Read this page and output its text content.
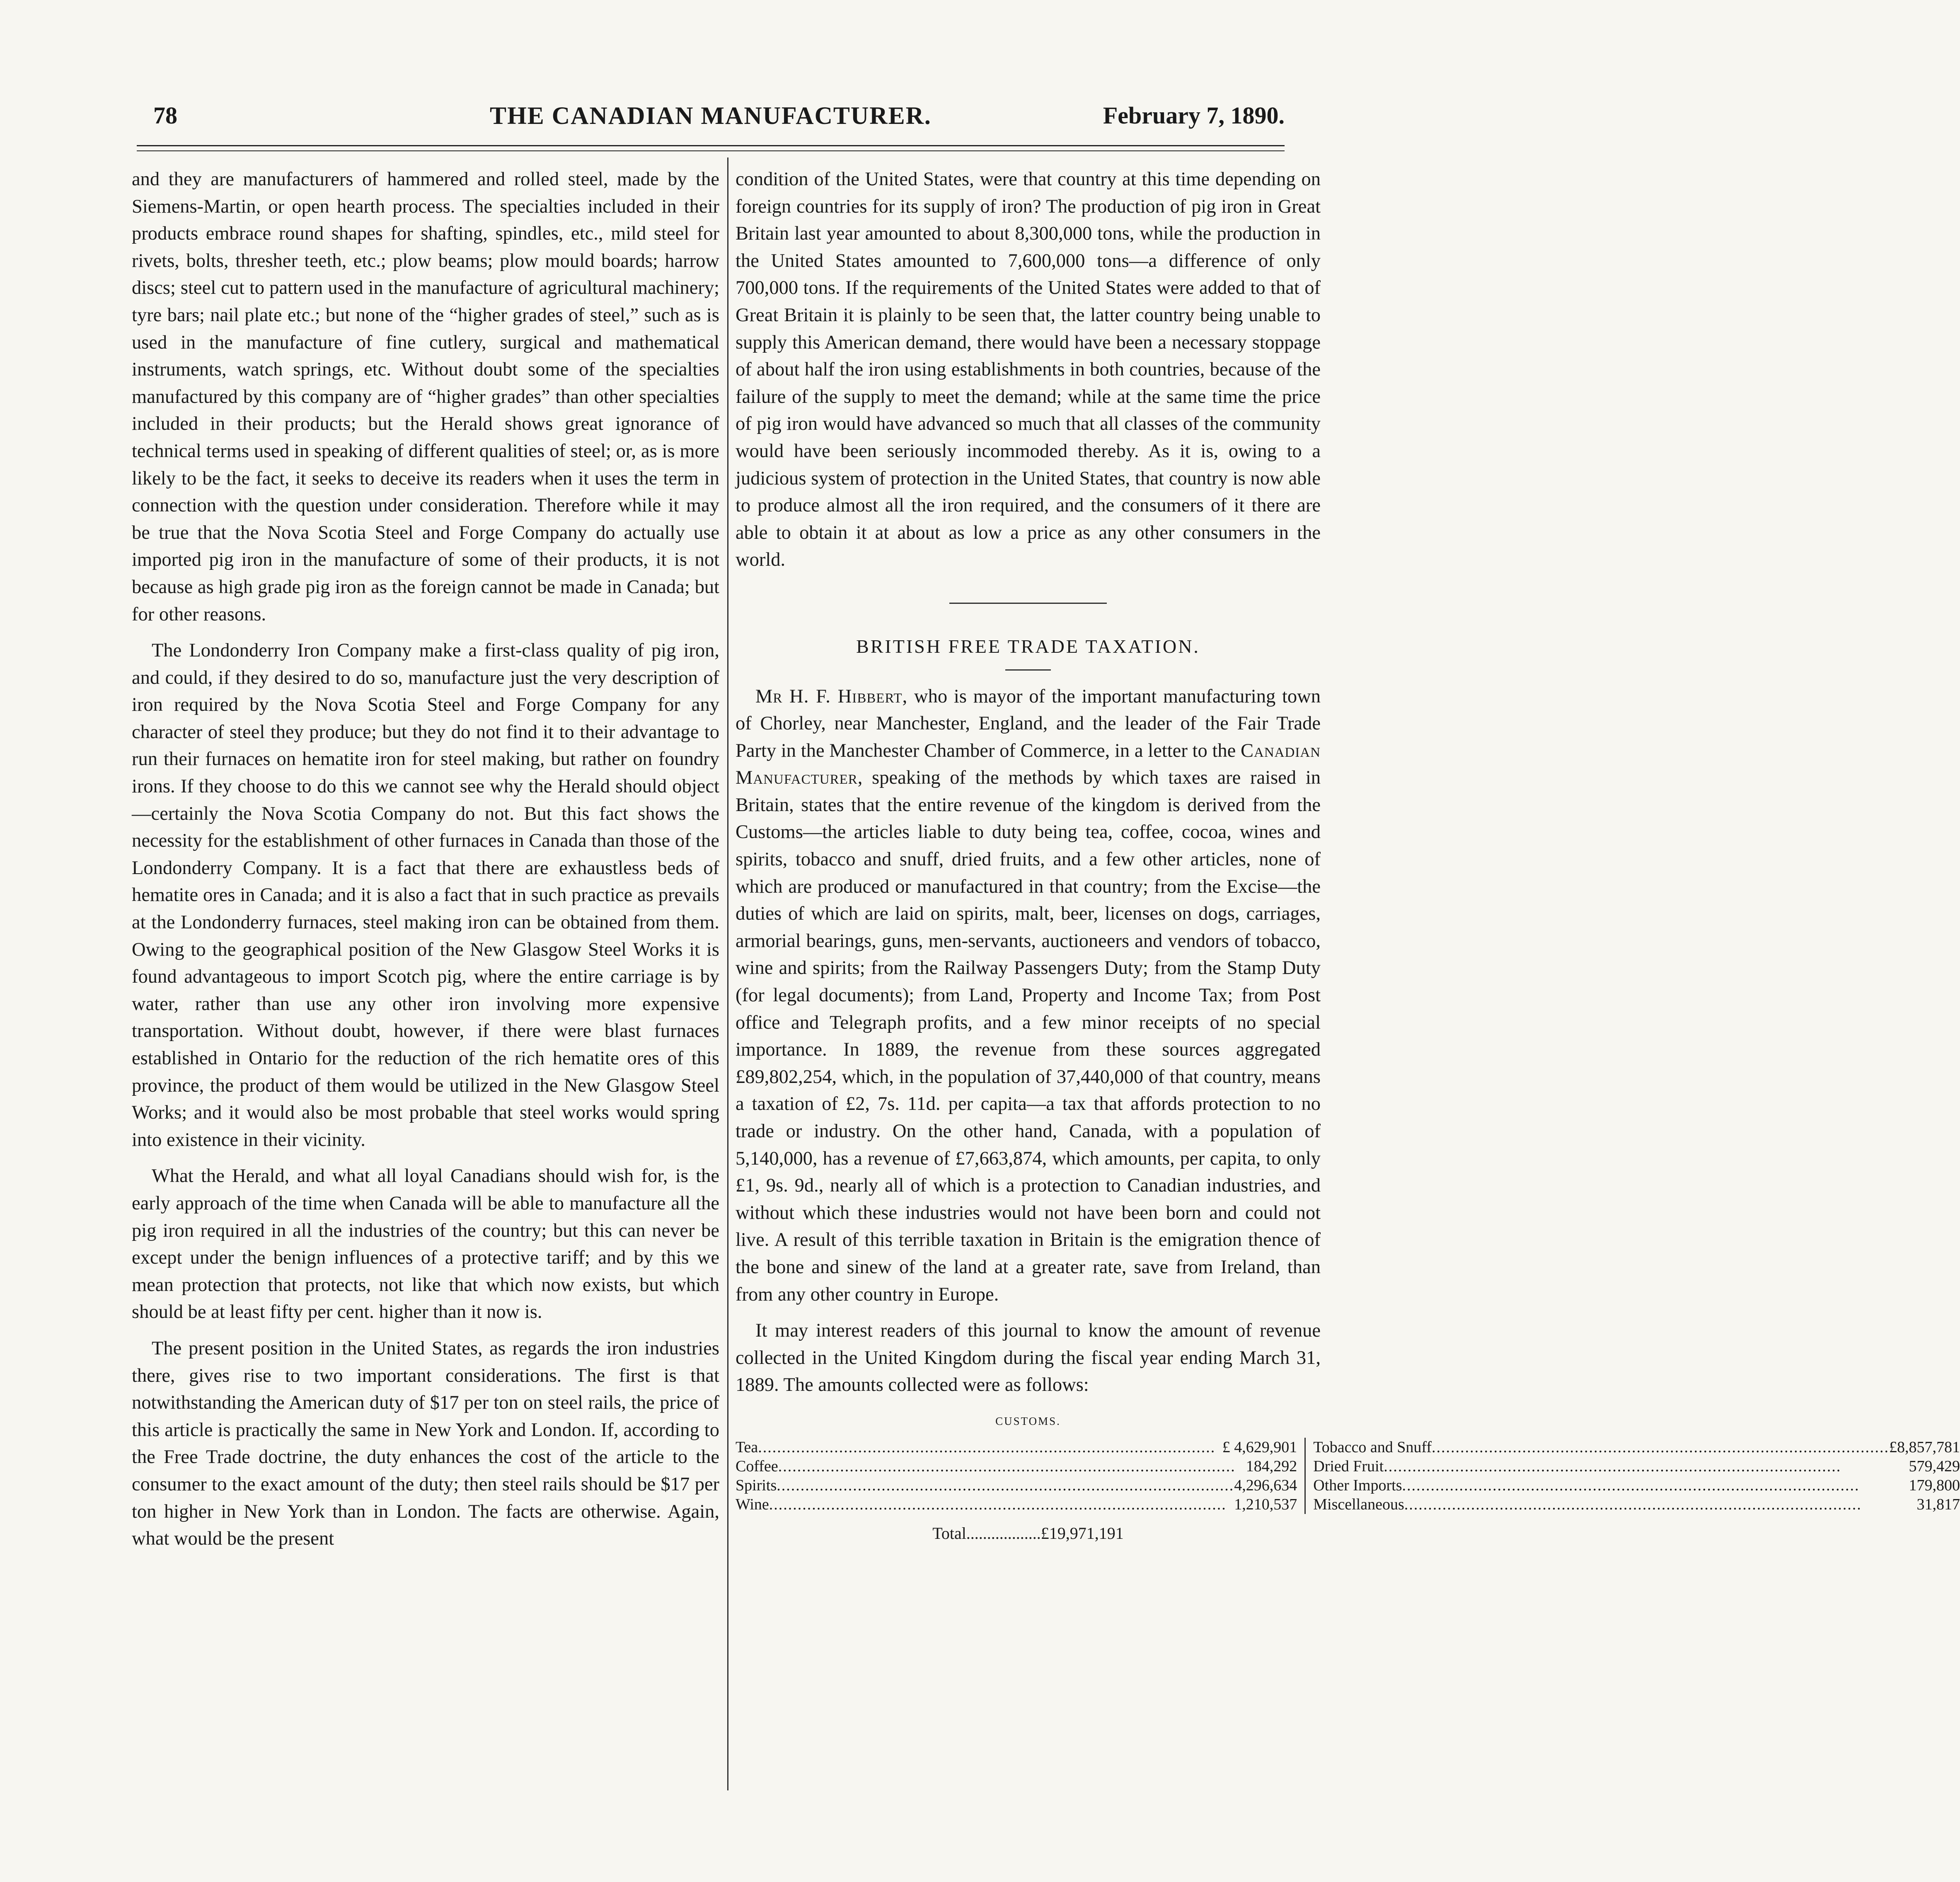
78	THE CANADIAN MANUFACTURER.	February 7, 1890.

and they are manufacturers of hammered and rolled steel, made by the Siemens-Martin, or open hearth process. The specialties included in their products embrace round shapes for shafting, spindles, etc., mild steel for rivets, bolts, thresher teeth, etc.; plow beams; plow mould boards; harrow discs; steel cut to pattern used in the manufacture of agricultural machinery; tyre bars; nail plate etc.; but none of the “higher grades of steel,” such as is used in the manufacture of fine cutlery, surgical and mathematical instruments, watch springs, etc. Without doubt some of the specialties manufactured by this company are of “higher grades” than other specialties included in their products; but the Herald shows great ignorance of technical terms used in speaking of different qualities of steel; or, as is more likely to be the fact, it seeks to deceive its readers when it uses the term in connection with the question under consideration. Therefore while it may be true that the Nova Scotia Steel and Forge Company do actually use imported pig iron in the manufacture of some of their products, it is not because as high grade pig iron as the foreign cannot be made in Canada; but for other reasons.

The Londonderry Iron Company make a first-class quality of pig iron, and could, if they desired to do so, manufacture just the very description of iron required by the Nova Scotia Steel and Forge Company for any character of steel they produce; but they do not find it to their advantage to run their furnaces on hematite iron for steel making, but rather on foundry irons. If they choose to do this we cannot see why the Herald should object—certainly the Nova Scotia Company do not. But this fact shows the necessity for the establishment of other furnaces in Canada than those of the Londonderry Company. It is a fact that there are exhaustless beds of hematite ores in Canada; and it is also a fact that in such practice as prevails at the Londonderry furnaces, steel making iron can be obtained from them. Owing to the geographical position of the New Glasgow Steel Works it is found advantageous to import Scotch pig, where the entire carriage is by water, rather than use any other iron involving more expensive transportation. Without doubt, however, if there were blast furnaces established in Ontario for the reduction of the rich hematite ores of this province, the product of them would be utilized in the New Glasgow Steel Works; and it would also be most probable that steel works would spring into existence in their vicinity.

What the Herald, and what all loyal Canadians should wish for, is the early approach of the time when Canada will be able to manufacture all the pig iron required in all the industries of the country; but this can never be except under the benign influences of a protective tariff; and by this we mean protection that protects, not like that which now exists, but which should be at least fifty per cent. higher than it now is.

The present position in the United States, as regards the iron industries there, gives rise to two important considerations. The first is that notwithstanding the American duty of $17 per ton on steel rails, the price of this article is practically the same in New York and London. If, according to the Free Trade doctrine, the duty enhances the cost of the article to the consumer to the exact amount of the duty; then steel rails should be $17 per ton higher in New York than in London. The facts are otherwise. Again, what would be the present

condition of the United States, were that country at this time depending on foreign countries for its supply of iron? The production of pig iron in Great Britain last year amounted to about 8,300,000 tons, while the production in the United States amounted to 7,600,000 tons—a difference of only 700,000 tons. If the requirements of the United States were added to that of Great Britain it is plainly to be seen that, the latter country being unable to supply this American demand, there would have been a necessary stoppage of about half the iron using establishments in both countries, because of the failure of the supply to meet the demand; while at the same time the price of pig iron would have advanced so much that all classes of the community would have been seriously incommoded thereby. As it is, owing to a judicious system of protection in the United States, that country is now able to produce almost all the iron required, and the consumers of it there are able to obtain it at about as low a price as any other consumers in the world.

BRITISH FREE TRADE TAXATION.

Mr H. F. Hibbert, who is mayor of the important manufacturing town of Chorley, near Manchester, England, and the leader of the Fair Trade Party in the Manchester Chamber of Commerce, in a letter to the Canadian Manufacturer, speaking of the methods by which taxes are raised in Britain, states that the entire revenue of the kingdom is derived from the Customs—the articles liable to duty being tea, coffee, cocoa, wines and spirits, tobacco and snuff, dried fruits, and a few other articles, none of which are produced or manufactured in that country; from the Excise—the duties of which are laid on spirits, malt, beer, licenses on dogs, carriages, armorial bearings, guns, men-servants, auctioneers and vendors of tobacco, wine and spirits; from the Railway Passengers Duty; from the Stamp Duty (for legal documents); from Land, Property and Income Tax; from Post office and Telegraph profits, and a few minor receipts of no special importance. In 1889, the revenue from these sources aggregated £89,802,254, which, in the population of 37,440,000 of that country, means a taxation of £2, 7s. 11d. per capita—a tax that affords protection to no trade or industry. On the other hand, Canada, with a population of 5,140,000, has a revenue of £7,663,874, which amounts, per capita, to only £1, 9s. 9d., nearly all of which is a protection to Canadian industries, and without which these industries would not have been born and could not live. A result of this terrible taxation in Britain is the emigration thence of the bone and sinew of the land at a greater rate, save from Ireland, than from any other country in Europe.

It may interest readers of this journal to know the amount of revenue collected in the United Kingdom during the fiscal year ending March 31, 1889. The amounts collected were as follows:

CUSTOMS.
Tea .....	£ 4,629,901
Coffee .....	184,292
Spirits .....	4,296,634
Wine .....	1,210,537
Tobacco and Snuff .....	£8,857,781
Dried Fruit .....	579,429
Other Imports .....	179,800
Miscellaneous .....	31,817
Total..................£19,971,191
